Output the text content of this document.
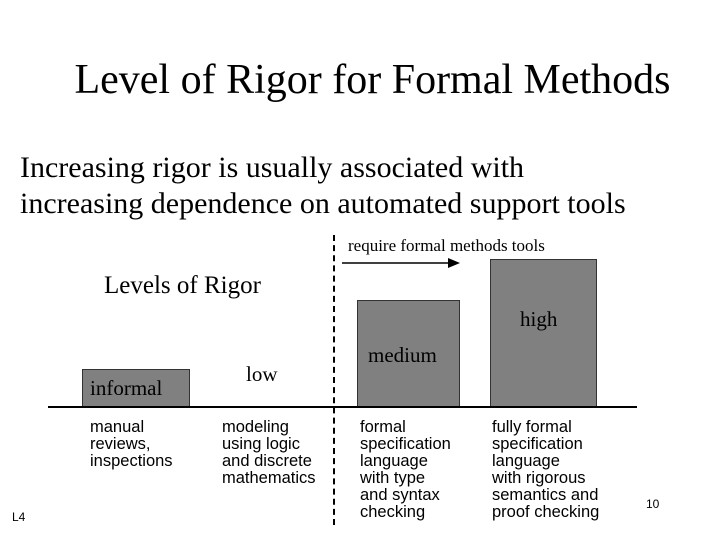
Level of Rigor for Formal Methods
Increasing rigor is usually associated with
increasing dependence on automated support tools
require formal methods tools
Levels of Rigor
informal
low
medium
high
manual
reviews,
inspections
modeling
using logic
and discrete
mathematics
formal
specification
language
with type
and syntax
checking
fully formal
specification
language
with rigorous
semantics and
proof checking
L4
10
